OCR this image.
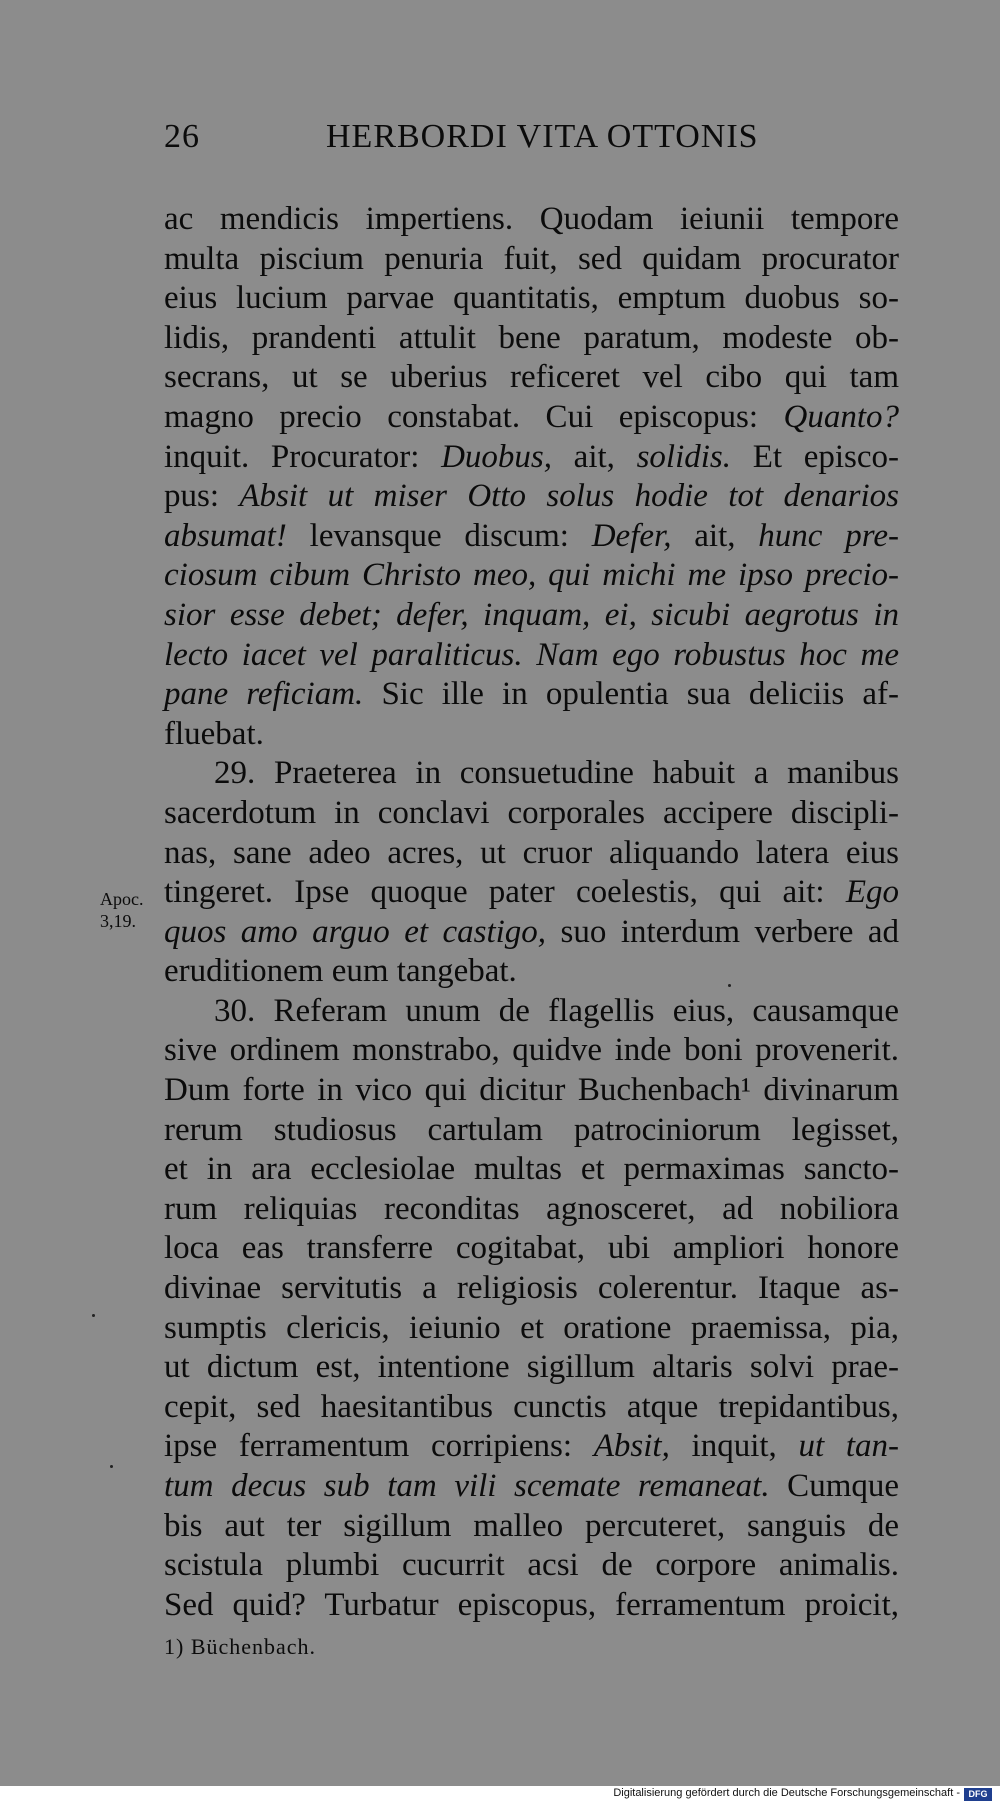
26	HERBORDI VITA OTTONIS
ac mendicis impertiens. Quodam ieiunii tempore
multa piscium penuria fuit, sed quidam procurator
eius lucium parvae quantitatis, emptum duobus so-
lidis, prandenti attulit bene paratum, modeste ob-
secrans, ut se uberius reficeret vel cibo qui tam
magno precio constabat. Cui episcopus: Quanto?
inquit. Procurator: Duobus, ait, solidis. Et episco-
pus: Absit ut miser Otto solus hodie tot denarios
absumat! levansque discum: Defer, ait, hunc pre-
ciosum cibum Christo meo, qui michi me ipso precio-
sior esse debet; defer, inquam, ei, sicubi aegrotus in
lecto iacet vel paraliticus. Nam ego robustus hoc me
pane reficiam. Sic ille in opulentia sua deliciis af-
fluebat.
29. Praeterea in consuetudine habuit a manibus
sacerdotum in conclavi corporales accipere discipli-
nas, sane adeo acres, ut cruor aliquando latera eius
tingeret. Ipse quoque pater coelestis, qui ait: Ego
quos amo arguo et castigo, suo interdum verbere ad
eruditionem eum tangebat.
30. Referam unum de flagellis eius, causamque
sive ordinem monstrabo, quidve inde boni provenerit.
Dum forte in vico qui dicitur Buchenbach¹ divinarum
rerum studiosus cartulam patrociniorum legisset,
et in ara ecclesiolae multas et permaximas sancto-
rum reliquias reconditas agnosceret, ad nobiliora
loca eas transferre cogitabat, ubi ampliori honore
divinae servitutis a religiosis colerentur. Itaque as-
sumptis clericis, ieiunio et oratione praemissa, pia,
ut dictum est, intentione sigillum altaris solvi prae-
cepit, sed haesitantibus cunctis atque trepidantibus,
ipse ferramentum corripiens: Absit, inquit, ut tan-
tum decus sub tam vili scemate remaneat. Cumque
bis aut ter sigillum malleo percuteret, sanguis de
scistula plumbi cucurrit acsi de corpore animalis.
Sed quid? Turbatur episcopus, ferramentum proicit,
Apoc.
3,19.
1) Büchenbach.
Digitalisierung gefördert durch die Deutsche Forschungsgemeinschaft - DFG
